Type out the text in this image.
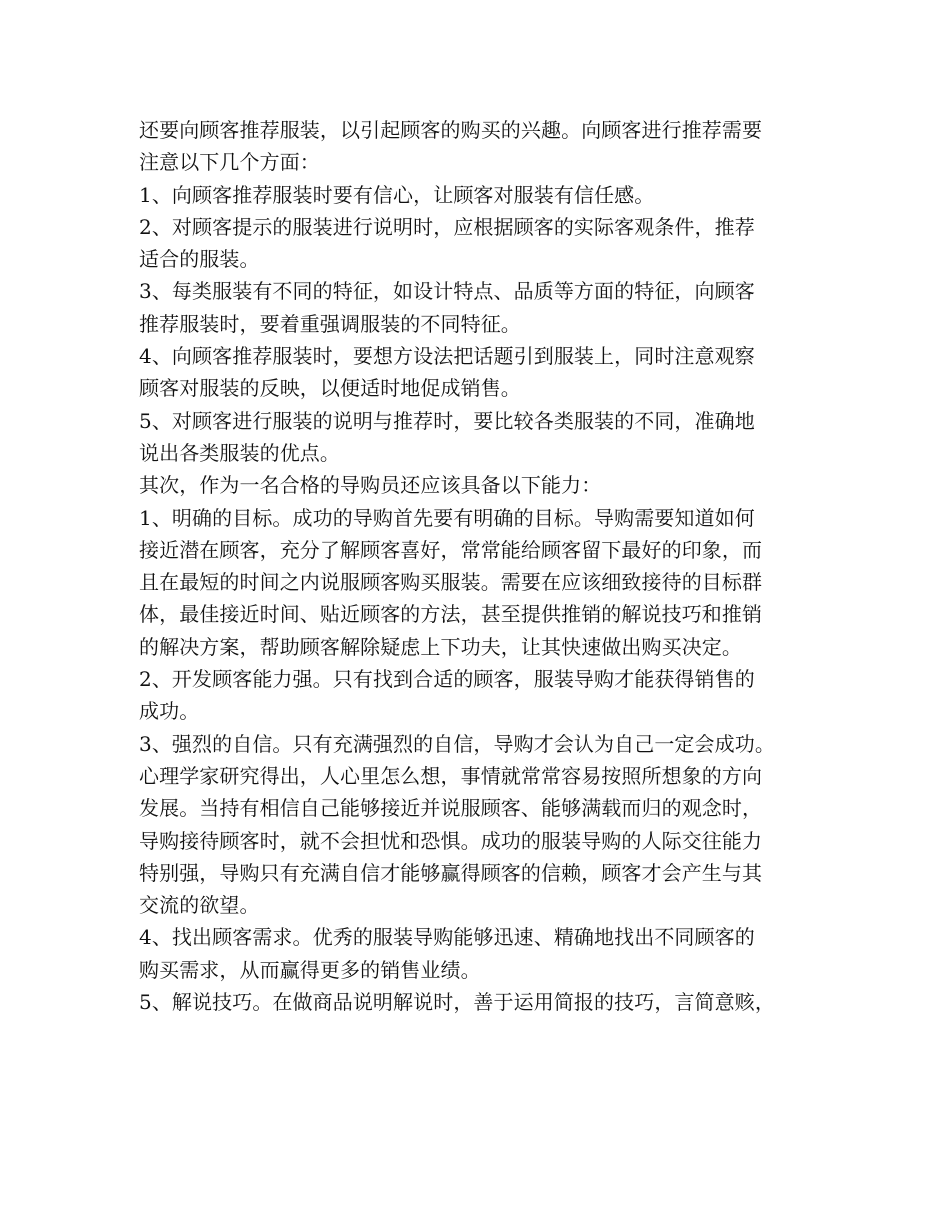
还要向顾客推荐服装，以引起顾客的购买的兴趣。向顾客进行推荐需要
注意以下几个方面：
1、向顾客推荐服装时要有信心，让顾客对服装有信任感。
2、对顾客提示的服装进行说明时，应根据顾客的实际客观条件，推荐
适合的服装。
3、每类服装有不同的特征，如设计特点、品质等方面的特征，向顾客
推荐服装时，要着重强调服装的不同特征。
4、向顾客推荐服装时，要想方设法把话题引到服装上，同时注意观察
顾客对服装的反映，以便适时地促成销售。
5、对顾客进行服装的说明与推荐时，要比较各类服装的不同，准确地
说出各类服装的优点。
其次，作为一名合格的导购员还应该具备以下能力：
1、明确的目标。成功的导购首先要有明确的目标。导购需要知道如何
接近潜在顾客，充分了解顾客喜好，常常能给顾客留下最好的印象，而
且在最短的时间之内说服顾客购买服装。需要在应该细致接待的目标群
体，最佳接近时间、贴近顾客的方法，甚至提供推销的解说技巧和推销
的解决方案，帮助顾客解除疑虑上下功夫，让其快速做出购买决定。
2、开发顾客能力强。只有找到合适的顾客，服装导购才能获得销售的
成功。
3、强烈的自信。只有充满强烈的自信，导购才会认为自己一定会成功。
心理学家研究得出，人心里怎么想，事情就常常容易按照所想象的方向
发展。当持有相信自己能够接近并说服顾客、能够满载而归的观念时，
导购接待顾客时，就不会担忧和恐惧。成功的服装导购的人际交往能力
特别强，导购只有充满自信才能够赢得顾客的信赖，顾客才会产生与其
交流的欲望。
4、找出顾客需求。优秀的服装导购能够迅速、精确地找出不同顾客的
购买需求，从而赢得更多的销售业绩。
5、解说技巧。在做商品说明解说时，善于运用简报的技巧，言简意赅，
